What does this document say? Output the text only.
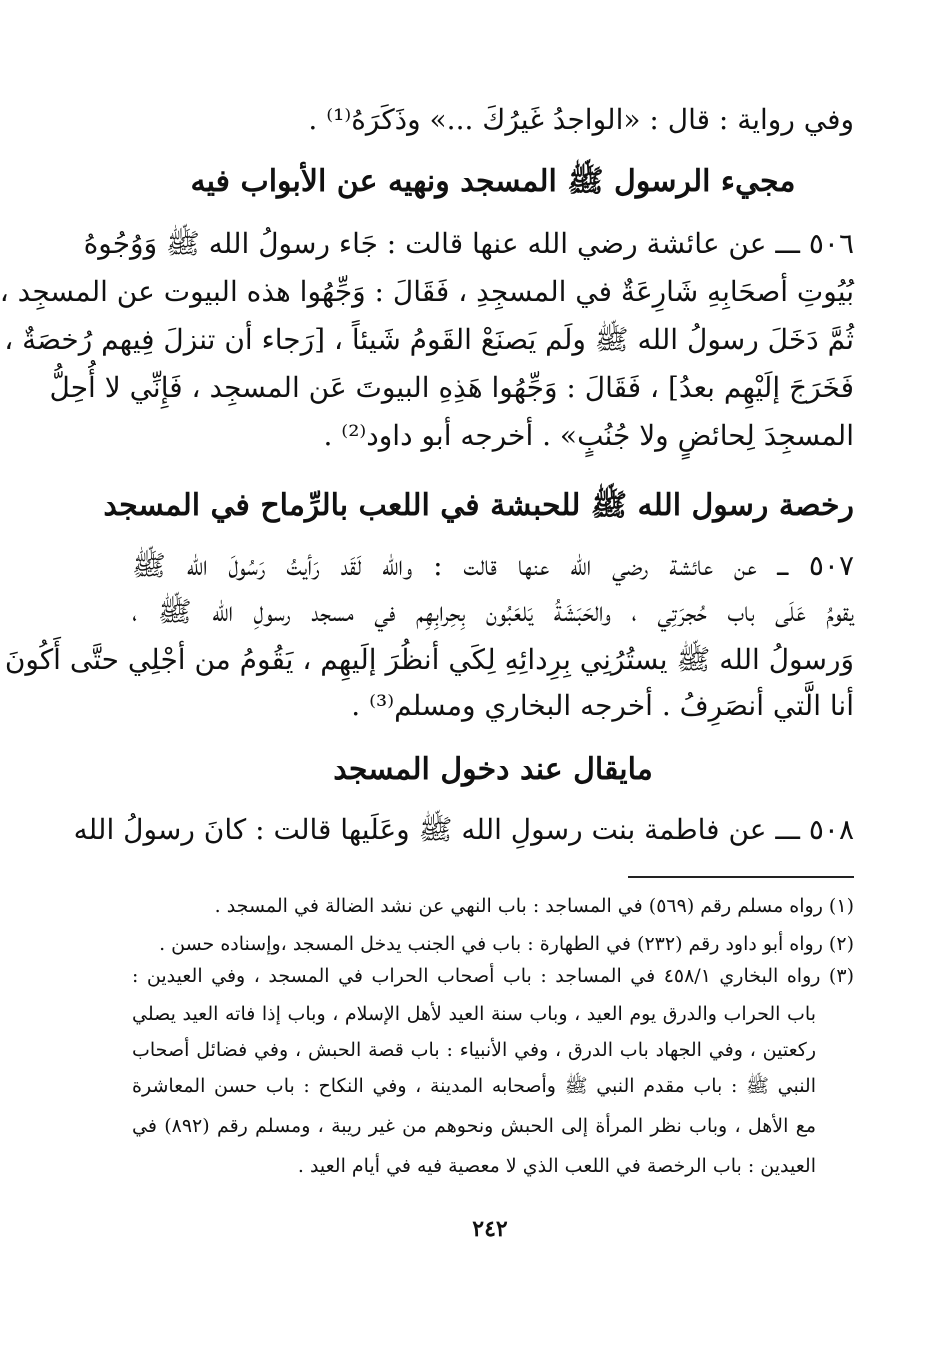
وفي رواية : قال : «الواجدُ غَيرُكَ ...» وذَكَرَهُ⁽¹⁾ .
مجيء الرسول ﷺ المسجد ونهيه عن الأبواب فيه
٥٠٦ ـــ عن عائشة رضي الله عنها قالت : جَاء رسولُ الله ﷺ وَوُجُوهُ
بُيُوتِ أصحَابِهِ شَارِعَةٌ في المسجِدِ ، فَقَالَ : وَجِّهُوا هذه البيوت عن المسجِد ،
ثُمَّ دَخَلَ رسولُ الله ﷺ ولَم يَصنَعْ القَومُ شَيئاً ، [رَجاء أن تنزلَ فِيهم رُخصَةٌ ،
فَخَرَجَ إلَيْهِم بعدُ] ، فَقَالَ : وَجِّهُوا هَذِهِ البيوتَ عَن المسجِد ، فَإِنِّي لا أُحِلُّ
المسجِدَ لِحائضٍ ولا جُنُبٍ» . أخرجه أبو داود⁽²⁾ .
رخصة رسول الله ﷺ للحبشة في اللعب بالرِّماح في المسجد
٥٠٧ ـــ عن عائشة رضي الله عنها قالت : والله لَقَد رَأيتُ رَسُولَ الله ﷺ
يقومُ عَلَى باب حُجرَتِي ، والحَبَشَةُ يَلعَبُون بِحِرابِهِم في مسجد رسولِ الله ﷺ ،
وَرسولُ الله ﷺ يستُرُنِي بِرِدائِهِ لِكَي أنظُرَ إلَيهِم ، يَقُومُ من أجْلِي حتَّى أَكُونَ
أنا الَّتي أنصَرِفُ . أخرجه البخاري ومسلم⁽³⁾ .
مايقال عند دخول المسجد
٥٠٨ ـــ عن فاطمة بنت رسولِ الله ﷺ وعَلَيها قالت : كانَ رسولُ الله
(١) رواه مسلم رقم (٥٦٩) في المساجد : باب النهي عن نشد الضالة في المسجد .
(٢) رواه أبو داود رقم (٢٣٢) في الطهارة : باب في الجنب يدخل المسجد ،وإسناده حسن .
(٣) رواه البخاري ٤٥٨/١ في المساجد : باب أصحاب الحراب في المسجد ، وفي العيدين :
باب الحراب والدرق يوم العيد ، وباب سنة العيد لأهل الإسلام ، وباب إذا فاته العيد يصلي
ركعتين ، وفي الجهاد باب الدرق ، وفي الأنبياء : باب قصة الحبش ، وفي فضائل أصحاب
النبي ﷺ : باب مقدم النبي ﷺ وأصحابه المدينة ، وفي النكاح : باب حسن المعاشرة
مع الأهل ، وباب نظر المرأة إلى الحبش ونحوهم من غير ريبة ، ومسلم رقم (٨٩٢) في
العيدين : باب الرخصة في اللعب الذي لا معصية فيه في أيام العيد .
٢٤٢
